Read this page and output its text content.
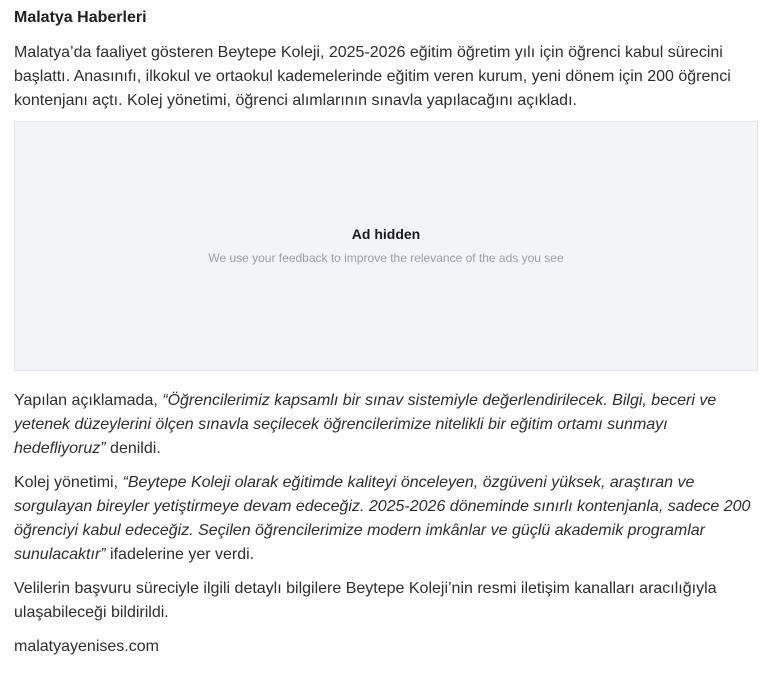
Malatya Haberleri

Malatya’da faaliyet gösteren Beytepe Koleji, 2025-2026 eğitim öğretim yılı için öğrenci kabul sürecini başlattı. Anasınıfı, ilkokul ve ortaokul kademelerinde eğitim veren kurum, yeni dönem için 200 öğrenci kontenjanı açtı. Kolej yönetimi, öğrenci alımlarının sınavla yapılacağını açıkladı.

Ad hidden
We use your feedback to improve the relevance of the ads you see

Yapılan açıklamada, “Öğrencilerimiz kapsamlı bir sınav sistemiyle değerlendirilecek. Bilgi, beceri ve yetenek düzeylerini ölçen sınavla seçilecek öğrencilerimize nitelikli bir eğitim ortamı sunmayı hedefliyoruz” denildi.

Kolej yönetimi, “Beytepe Koleji olarak eğitimde kaliteyi önceleyen, özgüveni yüksek, araştıran ve sorgulayan bireyler yetiştirmeye devam edeceğiz. 2025-2026 döneminde sınırlı kontenjanla, sadece 200 öğrenciyi kabul edeceğiz. Seçilen öğrencilerimize modern imkânlar ve güçlü akademik programlar sunulacaktır” ifadelerine yer verdi.

Velilerin başvuru süreciyle ilgili detaylı bilgilere Beytepe Koleji’nin resmi iletişim kanalları aracılığıyla ulaşabileceği bildirildi.

malatyayenises.com
